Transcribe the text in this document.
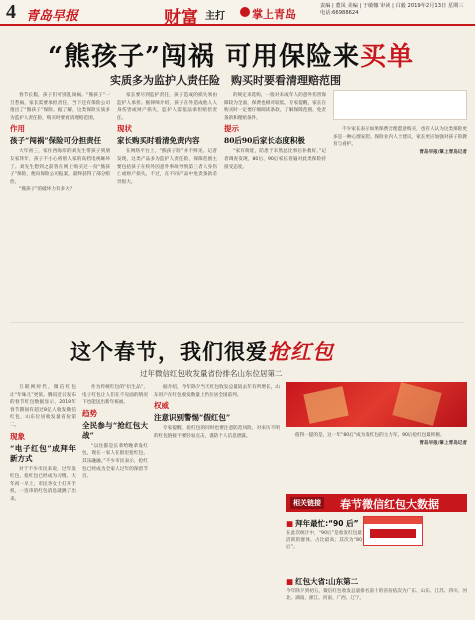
4 青岛早报	财富 主打 掌上青岛
责编 | 董凤 美编 | 于敏娜 审读 | 白毅 2019年2月13日 星期三 电话:66988624
“熊孩子”闯祸 可用保险来买单
实质多为监护人责任险　购买时要看清理赔范围

春节长假，孩子们可别乱闯祸。“熊孩子”一旦惹祸，家长需要承担责任，当下还有保险公司推出了“熊孩子”保险。据了解，这类保险实质多为监护人责任险，购买时要看清理赔范围。

作用
孩子“闯祸”保险可分担责任

大年初三，家住西海岸的刘先生带孩子到朋友家拜年，孩子不小心将别人家的高档电视砸坏了。刘先生想到之前曾在网上购买过一份“熊孩子”保险，便向保险公司报案，最终获得了部分赔偿。

“熊孩子”的破坏力有多大？

家长要尽到监护责任，孩子造成的损失须由监护人承担。据律师介绍，孩子在外造成他人人身伤害或财产损失，监护人需依法承担赔偿责任。

现状
家长购买时看清免责内容

在网络平台上，“熊孩子险”并不鲜见。记者发现，这类产品多为监护人责任险，保障范围主要包括孩子在校外因意外事故导致第三者人身伤亡或财产损失。不过，在不同产品中免责条款差异很大。

的规定来选购，一般对未成年人的意外伤害保障较为全面，保费也相对较低。专家提醒，家长在购买时一定要仔细阅读条款，了解保障范围、免责条款和理赔条件。

提示
80后90后家长态度积极

“家有萌娃，防患于未然总比事后补救好。”记者调查发现，80后、90后家长普遍对此类保险持接受态度。

不少家长表示如果保费合理愿意购买，也有人认为这类保险更多是一种心理安慰。保险业内人士建议，家长更应加强对孩子的教育与看护。

青岛早报/掌上青岛记者

这个春节，我们很爱抢红包
过年微信红包收发量省份排名山东位居第二

互联网时代，微信红包让“年味儿”更浓。腾讯近日发布的春节红包数据显示，2019年春节期间有超过8亿人收发微信红包，山东位居收发量省份第二。

现象
“电子红包”成拜年新方式

对于不少市民来说，过年发红包、抢红包已经成为习惯。大年初一早上，市民李女士打开手机，一连串的红包消息就跳了出来。

作为传统红包的“衍生品”，电子红包让人们在不见面的情况下也能送出新年祝福。

趋势
全民参与“抢红包大战”

“以往都是长辈给晚辈发红包，现在一家人在群里抢红包，其乐融融。”不少市民表示，抢红包已经成为全家人过年的保留节目。

据介绍，今年除夕当天红包收发总量较去年有所增长，山东用户在红包收发数量上仍位居全国前列。

权威
注意识别警惕“假红包”

专家提醒，抢红包的同时也要注意防范风险，对来历不明的红包链接不要轻易点击，谨防个人信息泄露。	值得一提的是，这一年“80后”成为发红包的主力军，90后抢红包最积极。

青岛早报/掌上青岛记者

相关链接 春节微信红包大数据
■ 拜年最忙:“90 后”
在此次统计中，“90后”是收发红包最活跃的群体，占比最高；其次为“80后”。
■ 红包大省:山东第二
今年除夕到初五，微信红包收发总量排名前十的省份依次为广东、山东、江苏、四川、河北、湖南、浙江、河南、广西、辽宁。
